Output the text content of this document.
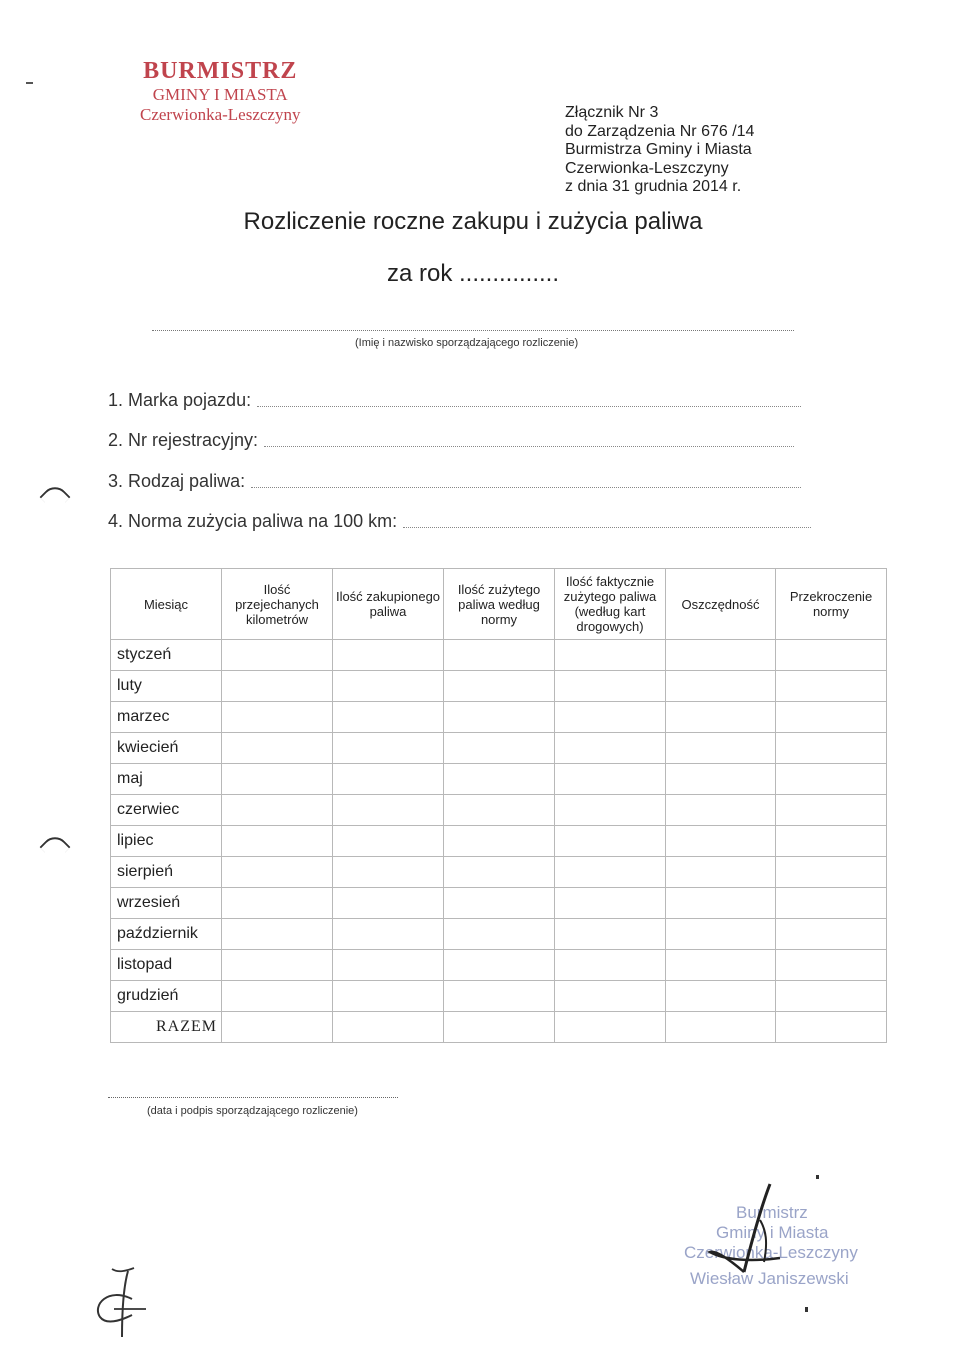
BURMISTRZ
GMINY I MIASTA
Czerwionka-Leszczyny	Złącznik Nr 3
do Zarządzenia Nr 676 /14
Burmistrza Gminy i Miasta
Czerwionka-Leszczyny
z dnia 31 grudnia 2014 r.
Rozliczenie roczne zakupu i zużycia paliwa
za rok ...............
(Imię i nazwisko sporządzającego rozliczenie)
1. Marka pojazdu:
2. Nr rejestracyjny:
3. Rodzaj paliwa:
4. Norma zużycia paliwa na 100 km:
Miesiąc	Ilość przejechanych kilometrów	Ilość zakupionego paliwa	Ilość zużytego paliwa według normy	Ilość faktycznie zużytego paliwa (według kart drogowych)	Oszczędność	Przekroczenie normy
styczeń						
luty						
marzec						
kwiecień						
maj						
czerwiec						
lipiec						
sierpień						
wrzesień						
październik						
listopad						
grudzień						
RAZEM						
(data i podpis sporządzającego rozliczenie)
Burmistrz
Gminy i Miasta
Czerwionka-Leszczyny
Wiesław Janiszewski
